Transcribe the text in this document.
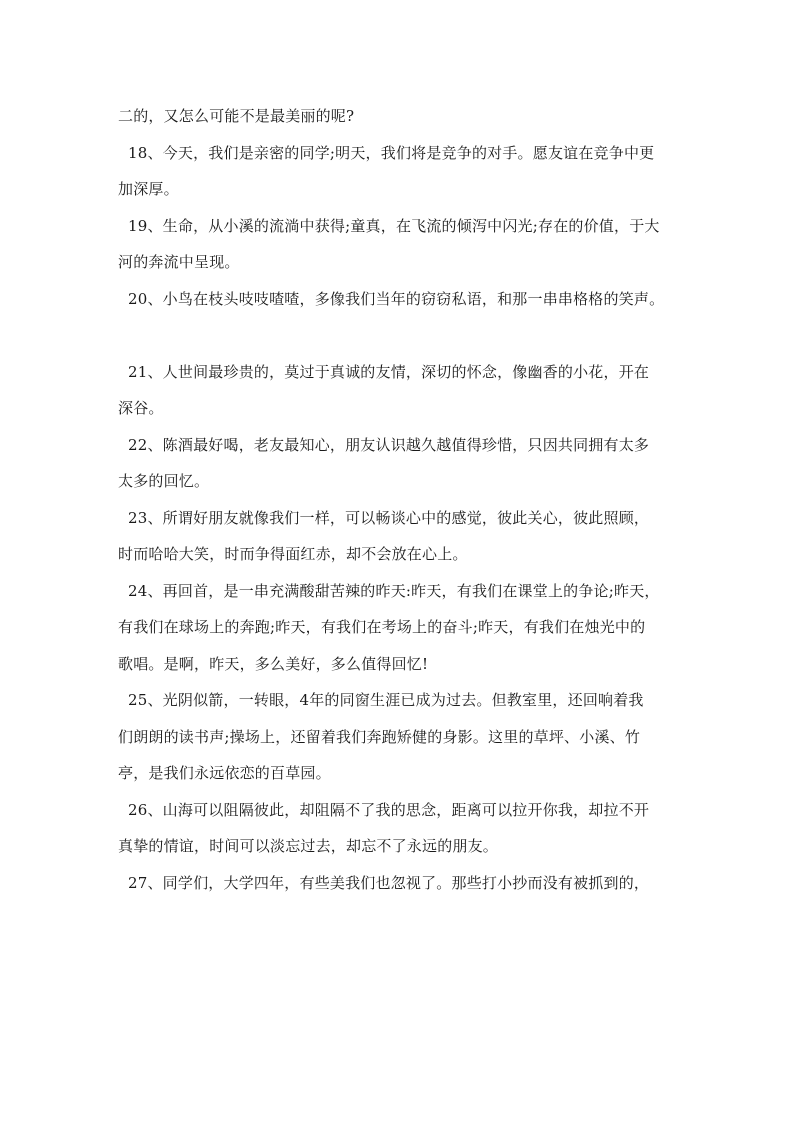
二的，又怎么可能不是最美丽的呢?
18、今天，我们是亲密的同学;明天，我们将是竞争的对手。愿友谊在竞争中更
加深厚。
19、生命，从小溪的流淌中获得;童真，在飞流的倾泻中闪光;存在的价值，于大
河的奔流中呈现。
20、小鸟在枝头吱吱喳喳，多像我们当年的窃窃私语，和那一串串格格的笑声。
21、人世间最珍贵的，莫过于真诚的友情，深切的怀念，像幽香的小花，开在
深谷。
22、陈酒最好喝，老友最知心，朋友认识越久越值得珍惜，只因共同拥有太多
太多的回忆。
23、所谓好朋友就像我们一样，可以畅谈心中的感觉，彼此关心，彼此照顾，
时而哈哈大笑，时而争得面红赤，却不会放在心上。
24、再回首，是一串充满酸甜苦辣的昨天:昨天，有我们在课堂上的争论;昨天，
有我们在球场上的奔跑;昨天，有我们在考场上的奋斗;昨天，有我们在烛光中的
歌唱。是啊，昨天，多么美好，多么值得回忆!
25、光阴似箭，一转眼，4年的同窗生涯已成为过去。但教室里，还回响着我
们朗朗的读书声;操场上，还留着我们奔跑矫健的身影。这里的草坪、小溪、竹
亭，是我们永远依恋的百草园。
26、山海可以阻隔彼此，却阻隔不了我的思念，距离可以拉开你我，却拉不开
真挚的情谊，时间可以淡忘过去，却忘不了永远的朋友。
27、同学们，大学四年，有些美我们也忽视了。那些打小抄而没有被抓到的，
